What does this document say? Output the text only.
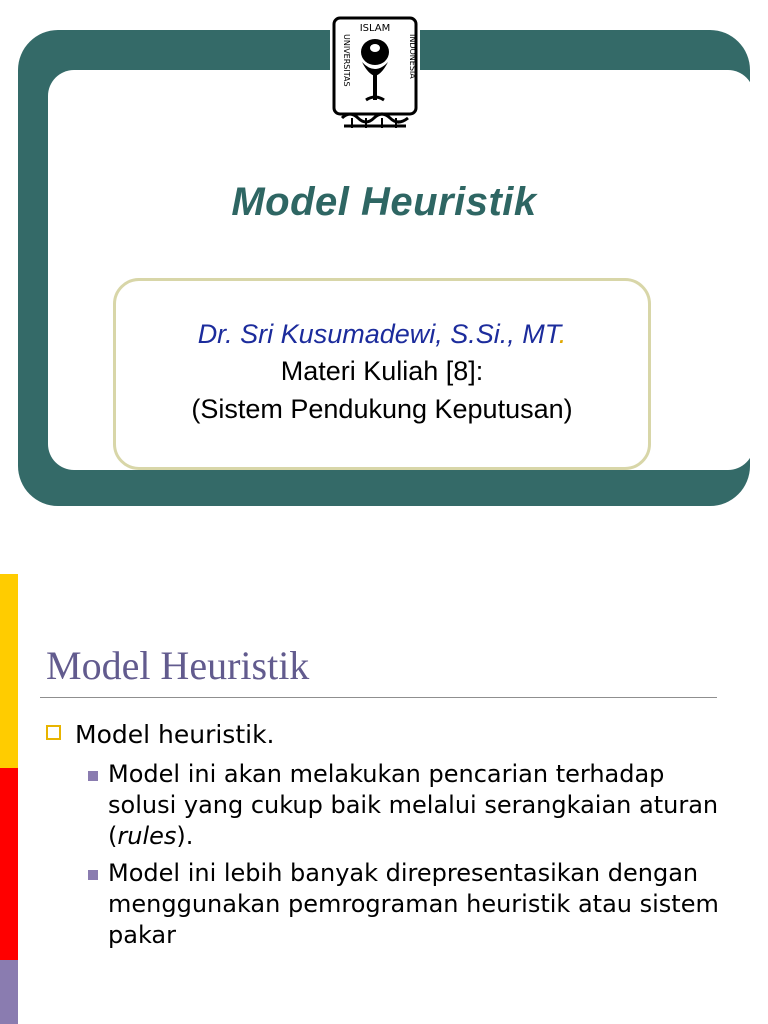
ISLAM
UNIVERSITAS	INDONESIA
Model Heuristik
Dr. Sri Kusumadewi, S.Si., MT.
Materi Kuliah [8]:
(Sistem Pendukung Keputusan)
Model Heuristik
Model heuristik.
Model ini akan melakukan pencarian terhadap solusi yang cukup baik melalui serangkaian aturan (rules).
Model ini lebih banyak direpresentasikan dengan menggunakan pemrograman heuristik atau sistem pakar
